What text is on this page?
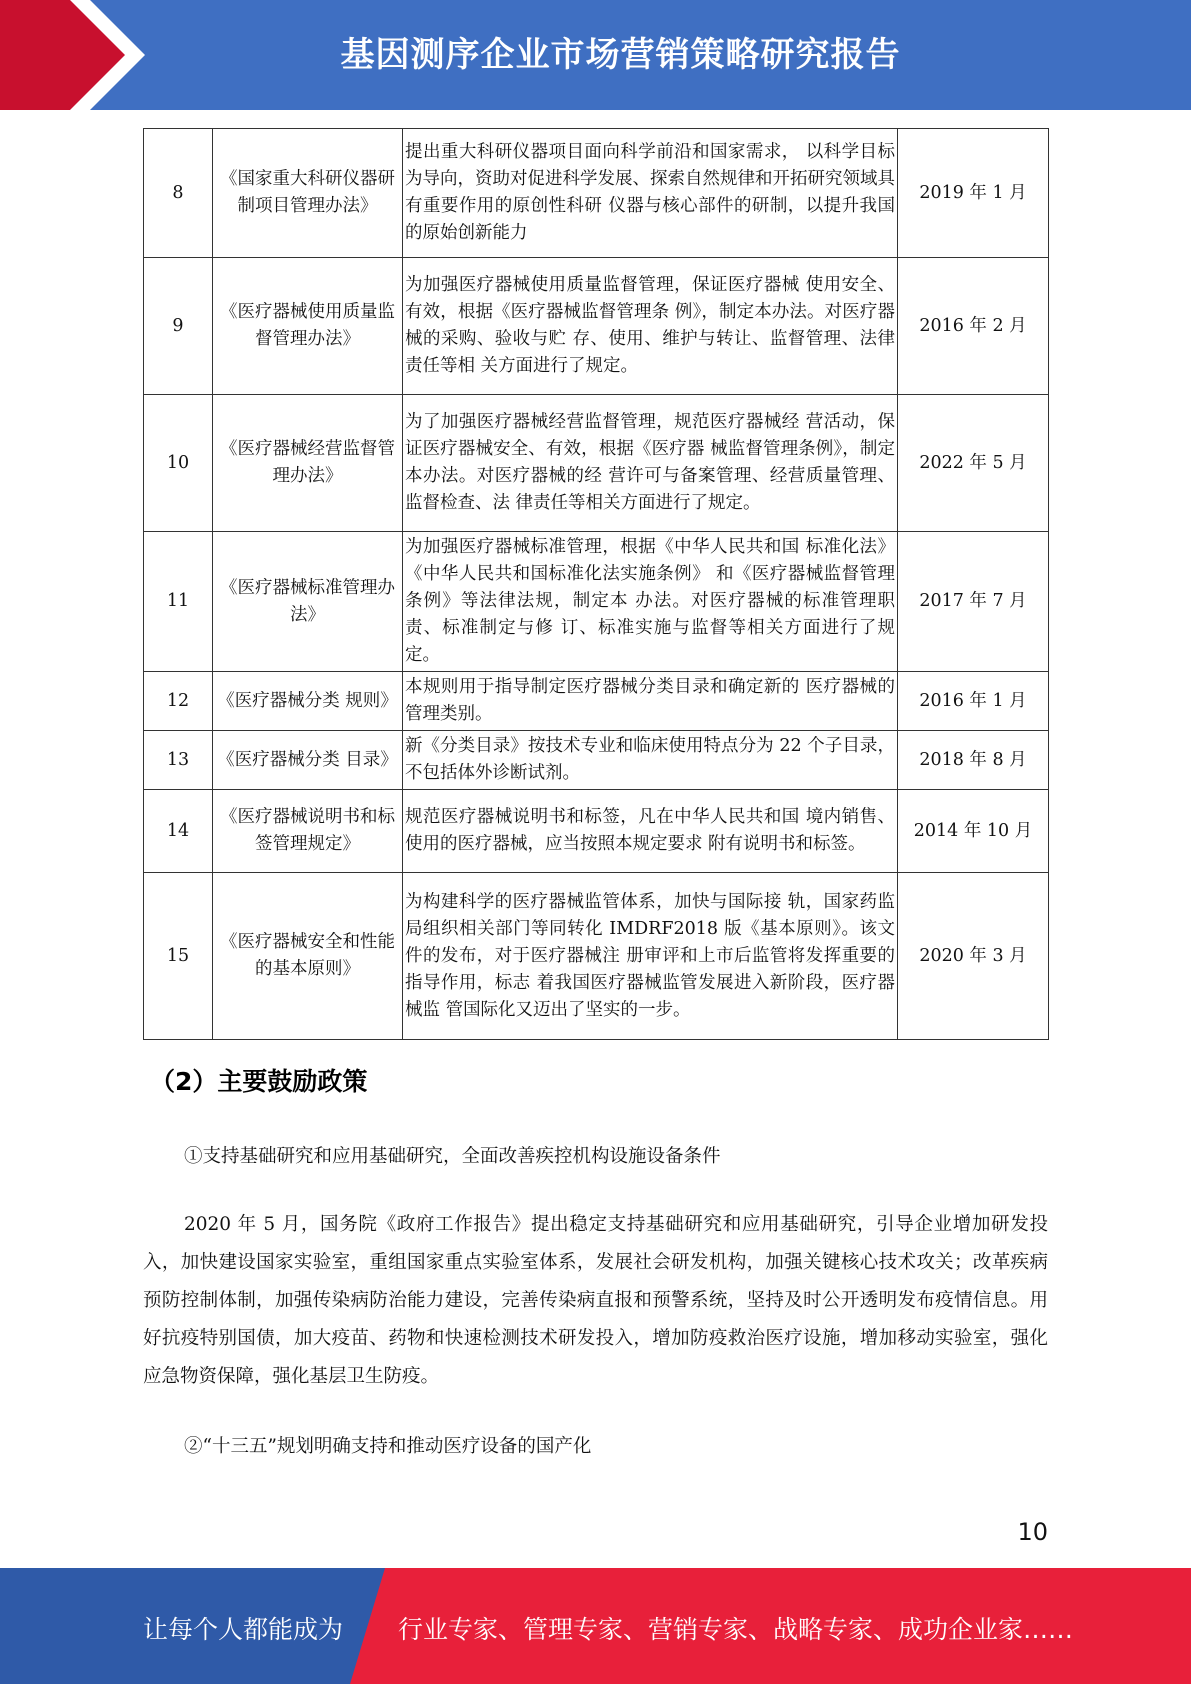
基因测序企业市场营销策略研究报告
8	《国家重大科研仪器研制项目管理办法》	提出重大科研仪器项目面向科学前沿和国家需求， 以科学目标为导向，资助对促进科学发展、探索自然规律和开拓研究领域具有重要作用的原创性科研 仪器与核心部件的研制，以提升我国的原始创新能力	2019 年 1 月
9	《医疗器械使用质量监督管理办法》	为加强医疗器械使用质量监督管理，保证医疗器械 使用安全、有效，根据《医疗器械监督管理条 例》，制定本办法。对医疗器械的采购、验收与贮 存、使用、维护与转让、监督管理、法律责任等相 关方面进行了规定。	2016 年 2 月
10	《医疗器械经营监督管理办法》	为了加强医疗器械经营监督管理，规范医疗器械经 营活动，保证医疗器械安全、有效，根据《医疗器 械监督管理条例》，制定本办法。对医疗器械的经 营许可与备案管理、经营质量管理、监督检查、法 律责任等相关方面进行了规定。	2022 年 5 月
11	《医疗器械标准管理办法》	为加强医疗器械标准管理，根据《中华人民共和国 标准化法》《中华人民共和国标准化法实施条例》 和《医疗器械监督管理条例》等法律法规，制定本 办法。对医疗器械的标准管理职责、标准制定与修 订、标准实施与监督等相关方面进行了规定。	2017 年 7 月
12	《医疗器械分类 规则》	本规则用于指导制定医疗器械分类目录和确定新的 医疗器械的管理类别。	2016 年 1 月
13	《医疗器械分类 目录》	新《分类目录》按技术专业和临床使用特点分为 22 个子目录，不包括体外诊断试剂。	2018 年 8 月
14	《医疗器械说明书和标签管理规定》	规范医疗器械说明书和标签，凡在中华人民共和国 境内销售、使用的医疗器械，应当按照本规定要求 附有说明书和标签。	2014 年 10 月
15	《医疗器械安全和性能的基本原则》	为构建科学的医疗器械监管体系，加快与国际接 轨，国家药监局组织相关部门等同转化 IMDRF2018 版《基本原则》。该文件的发布，对于医疗器械注 册审评和上市后监管将发挥重要的指导作用，标志 着我国医疗器械监管发展进入新阶段，医疗器械监 管国际化又迈出了坚实的一步。	2020 年 3 月
（2）主要鼓励政策
①支持基础研究和应用基础研究，全面改善疾控机构设施设备条件
2020 年 5 月，国务院《政府工作报告》提出稳定支持基础研究和应用基础研究，引导企业增加研发投入，加快建设国家实验室，重组国家重点实验室体系，发展社会研发机构，加强关键核心技术攻关；改革疾病预防控制体制，加强传染病防治能力建设，完善传染病直报和预警系统，坚持及时公开透明发布疫情信息。用好抗疫特别国债，加大疫苗、药物和快速检测技术研发投入，增加防疫救治医疗设施，增加移动实验室，强化应急物资保障，强化基层卫生防疫。
②“十三五”规划明确支持和推动医疗设备的国产化
10
让每个人都能成为 行业专家、管理专家、营销专家、战略专家、成功企业家……
